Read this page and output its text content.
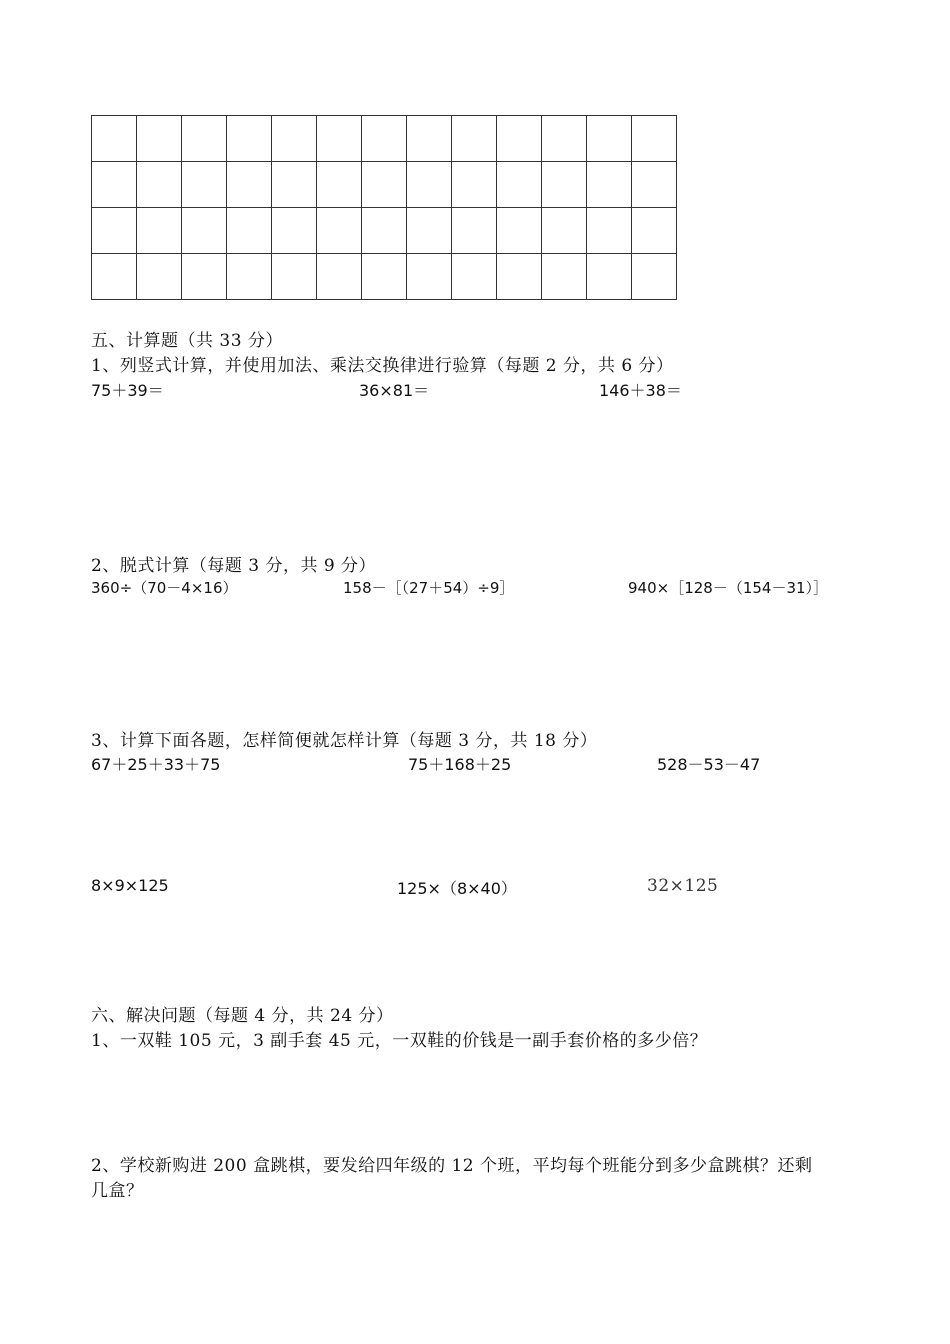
五、计算题（共 33 分）
1、列竖式计算，并使用加法、乘法交换律进行验算（每题 2 分，共 6 分）
75＋39＝	36×81＝	146＋38＝
2、脱式计算（每题 3 分，共 9 分）
360÷（70－4×16）	158－［（27＋54）÷9］	940×［128－（154－31）］
3、计算下面各题，怎样简便就怎样计算（每题 3 分，共 18 分）
67＋25＋33＋75	75＋168＋25	528－53－47
8×9×125	125×（8×40）	32×125
六、解决问题（每题 4 分，共 24 分）
1、一双鞋 105 元，3 副手套 45 元，一双鞋的价钱是一副手套价格的多少倍？
2、学校新购进 200 盒跳棋，要发给四年级的 12 个班，平均每个班能分到多少盒跳棋？还剩
几盒？
